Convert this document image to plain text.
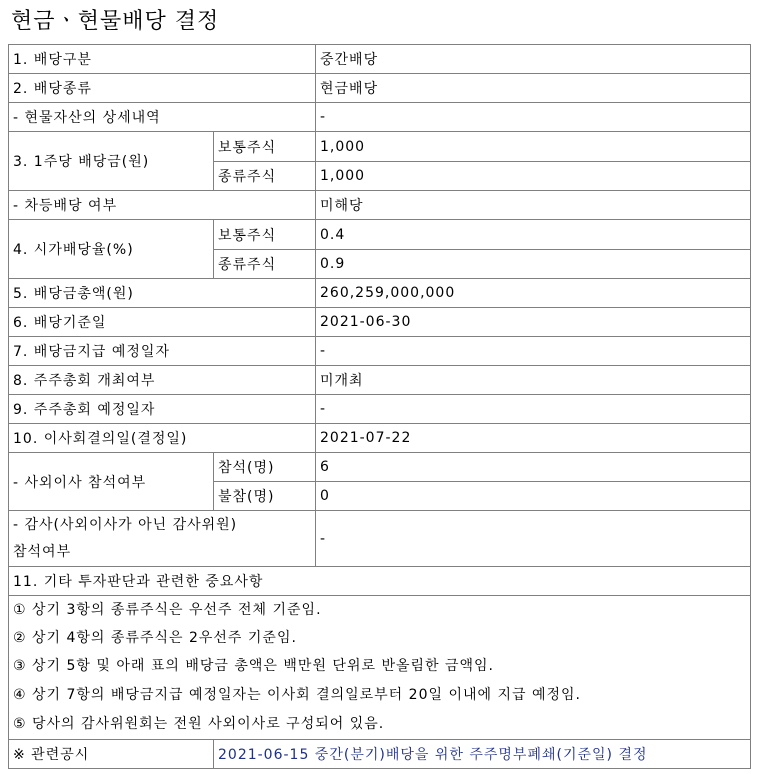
현금ㆍ현물배당 결정
1. 배당구분		중간배당
2. 배당종류		현금배당
- 현물자산의 상세내역		-
3. 1주당 배당금(원)	보통주식	1,000
	종류주식	1,000
- 차등배당 여부		미해당
4. 시가배당율(%)	보통주식	0.4
	종류주식	0.9
5. 배당금총액(원)		260,259,000,000
6. 배당기준일		2021-06-30
7. 배당금지급 예정일자		-
8. 주주총회 개최여부		미개최
9. 주주총회 예정일자		-
10. 이사회결의일(결정일)		2021-07-22
- 사외이사 참석여부	참석(명)	6
	불참(명)	0
- 감사(사외이사가 아닌 감사위원)
참석여부		-
11. 기타 투자판단과 관련한 중요사항		

① 상기 3항의 종류주식은 우선주 전체 기준임.
② 상기 4항의 종류주식은 2우선주 기준임.
③ 상기 5항 및 아래 표의 배당금 총액은 백만원 단위로 반올림한 금액임.
④ 상기 7항의 배당금지급 예정일자는 이사회 결의일로부터 20일 이내에 지급 예정임.
⑤ 당사의 감사위원회는 전원 사외이사로 구성되어 있음.		

※ 관련공시	2021-06-15 중간(분기)배당을 위한 주주명부폐쇄(기준일) 결정	
